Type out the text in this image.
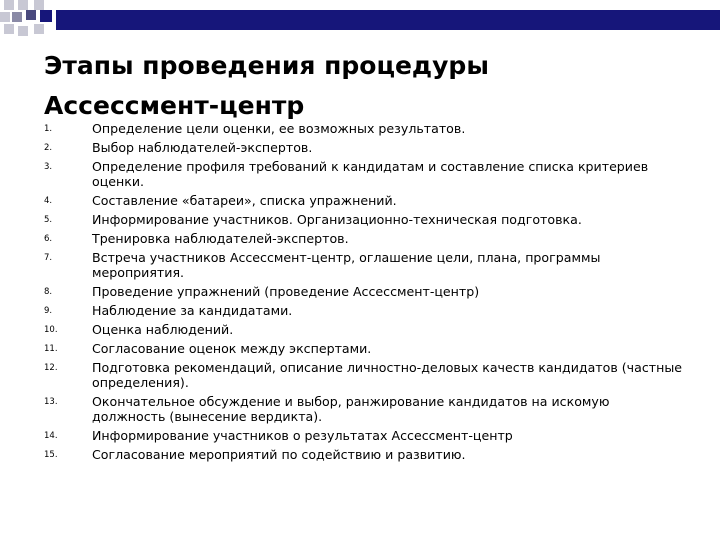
Этапы проведения процедуры
Ассессмент-центр
1.	Определение цели оценки, ее возможных результатов.
2.	Выбор наблюдателей-экспертов.
3.	Определение профиля требований к кандидатам и составление списка критериев оценки.
4.	Составление «батареи», списка упражнений.
5.	Информирование участников. Организационно-техническая подготовка.
6.	Тренировка наблюдателей-экспертов.
7.	Встреча участников Ассессмент-центр, оглашение цели, плана, программы мероприятия.
8.	Проведение упражнений (проведение Ассессмент-центр)
9.	Наблюдение за кандидатами.
10.	Оценка наблюдений.
11.	Согласование оценок между экспертами.
12.	Подготовка рекомендаций, описание личностно-деловых качеств кандидатов (частные определения).
13.	Окончательное обсуждение и выбор, ранжирование кандидатов на искомую должность (вынесение вердикта).
14.	Информирование участников о результатах Ассессмент-центр
15.	Согласование мероприятий по содействию и развитию.
